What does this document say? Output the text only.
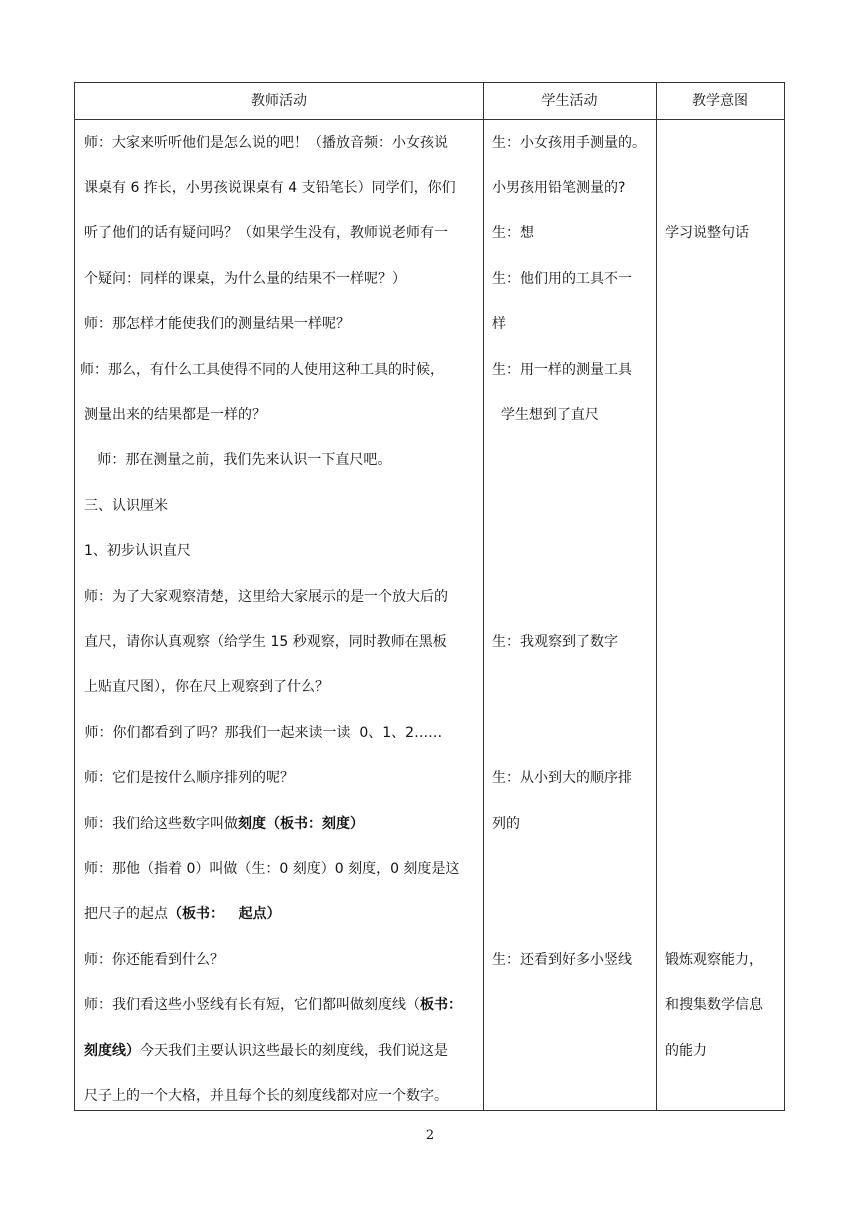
教师活动	学生活动	教学意图
师：大家来听听他们是怎么说的吧！（播放音频：小女孩说
课桌有 6 拃长，小男孩说课桌有 4 支铅笔长）同学们，你们
听了他们的话有疑问吗？（如果学生没有，教师说老师有一
个疑问：同样的课桌，为什么量的结果不一样呢？）
师：那怎样才能使我们的测量结果一样呢？
师：那么，有什么工具使得不同的人使用这种工具的时候，
测量出来的结果都是一样的？
师：那在测量之前，我们先来认识一下直尺吧。
三、认识厘米
1、初步认识直尺
师：为了大家观察清楚，这里给大家展示的是一个放大后的
直尺，请你认真观察（给学生 15 秒观察，同时教师在黑板
上贴直尺图），你在尺上观察到了什么？
师：你们都看到了吗？那我们一起来读一读  0、1、2……
师：它们是按什么顺序排列的呢？
师：我们给这些数字叫做刻度（板书：刻度）
师：那他（指着 0）叫做（生：0 刻度）0 刻度，0 刻度是这
把尺子的起点（板书：   起点）
师：你还能看到什么？
师：我们看这些小竖线有长有短，它们都叫做刻度线（板书：
刻度线）今天我们主要认识这些最长的刻度线，我们说这是
尺子上的一个大格，并且每个长的刻度线都对应一个数字。
生：小女孩用手测量的。
小男孩用铅笔测量的?
生：想
生：他们用的工具不一
样
生：用一样的测量工具
学生想到了直尺
生：我观察到了数字
生：从小到大的顺序排
列的
生：还看到好多小竖线
学习说整句话
锻炼观察能力，
和搜集数学信息
的能力
2
